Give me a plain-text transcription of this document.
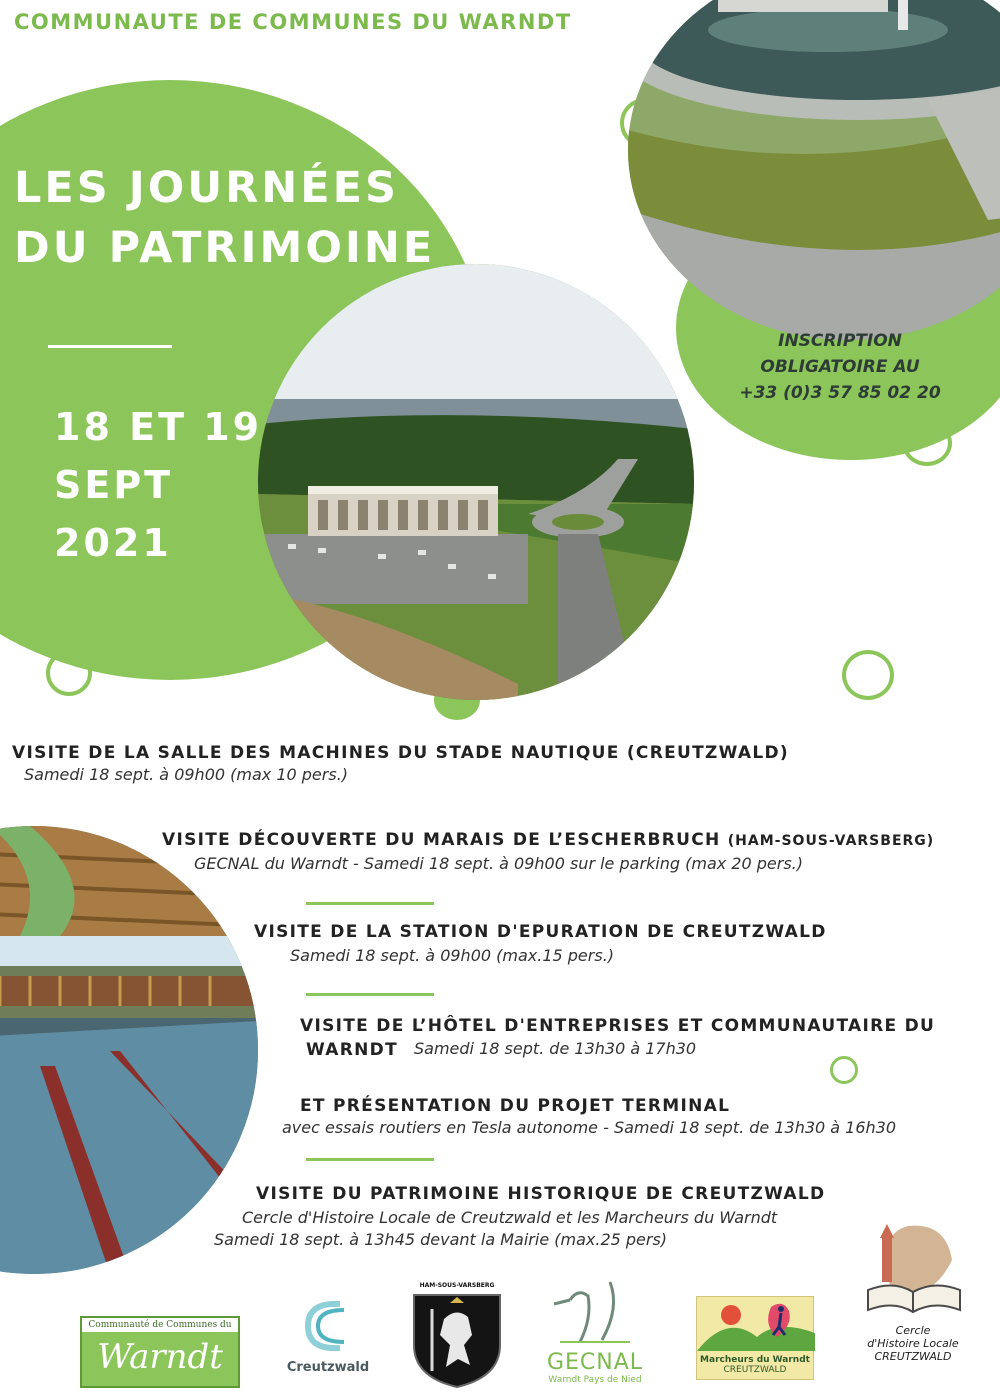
COMMUNAUTE DE COMMUNES DU WARNDT
LES JOURNÉES
DU PATRIMOINE
18 ET 19
SEPT
2021
INSCRIPTION
OBLIGATOIRE AU
+33 (0)3 57 85 02 20
VISITE DE LA SALLE DES MACHINES DU STADE NAUTIQUE (CREUTZWALD)
Samedi 18 sept. à 09h00 (max 10 pers.)
VISITE DÉCOUVERTE DU MARAIS DE L’ESCHERBRUCH (HAM-SOUS-VARSBERG)
GECNAL du Warndt - Samedi 18 sept. à 09h00 sur le parking (max 20 pers.)
VISITE DE LA STATION D'EPURATION DE CREUTZWALD
Samedi 18 sept. à 09h00 (max.15 pers.)
VISITE DE L’HÔTEL D'ENTREPRISES ET COMMUNAUTAIRE DU
WARNDT Samedi 18 sept. de 13h30 à 17h30
ET PRÉSENTATION DU PROJET TERMINAL
avec essais routiers en Tesla autonome - Samedi 18 sept. de 13h30 à 16h30
VISITE DU PATRIMOINE HISTORIQUE DE CREUTZWALD
Cercle d'Histoire Locale de Creutzwald et les Marcheurs du Warndt
Samedi 18 sept. à 13h45 devant la Mairie (max.25 pers)
Communauté de Communes du
Warndt	Creutzwald
HAM-SOUS-VARSBERG
GECNAL
Warndt Pays de Nied
Marcheurs du Warndt
CREUTZWALD
Cercle
d'Histoire Locale
CREUTZWALD
